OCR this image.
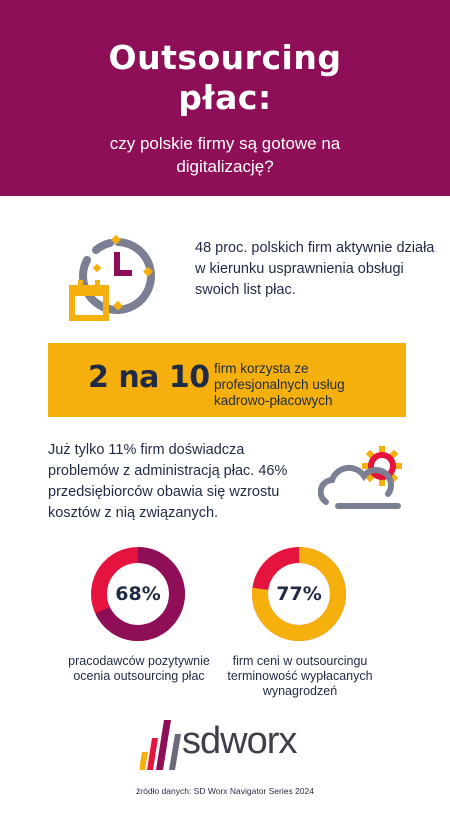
Outsourcing
płac:

czy polskie firmy są gotowe na digitalizację?

48 proc. polskich firm aktywnie działa w kierunku usprawnienia obsługi swoich list płac.

2 na 10 firm korzysta ze profesjonalnych usług kadrowo-płacowych

Już tylko 11% firm doświadcza problemów z administracją płac. 46% przedsiębiorców obawia się wzrostu kosztów z nią związanych.

68%	77%

pracodawców pozytywnie ocenia outsourcing płac

firm ceni w outsourcingu terminowość wypłacanych wynagrodzeń

sdworx

źródło danych: SD Worx Navigator Series 2024
